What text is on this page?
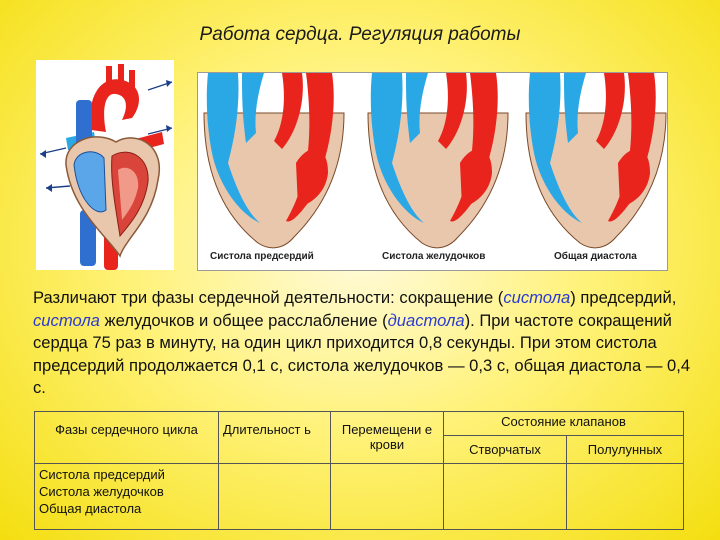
Работа сердца. Регуляция работы
Систола предсердий	Систола желудочков	Общая диастола
Различают три фазы сердечной деятельности: сокращение (систола) предсердий, систола желудочков и общее расслабление (диастола). При частоте сокращений сердца 75 раз в минуту, на один цикл приходится 0,8 секунды. При этом систола предсердий продолжается 0,1 с, систола желудочков — 0,3 с, общая диастола — 0,4 с.
Фазы сердечного цикла	Длительност ь	Перемещени е крови	Состояние клапанов	
			Створчатых	Полулунных

Систола предсердий
Систола желудочков
Общая диастола				
